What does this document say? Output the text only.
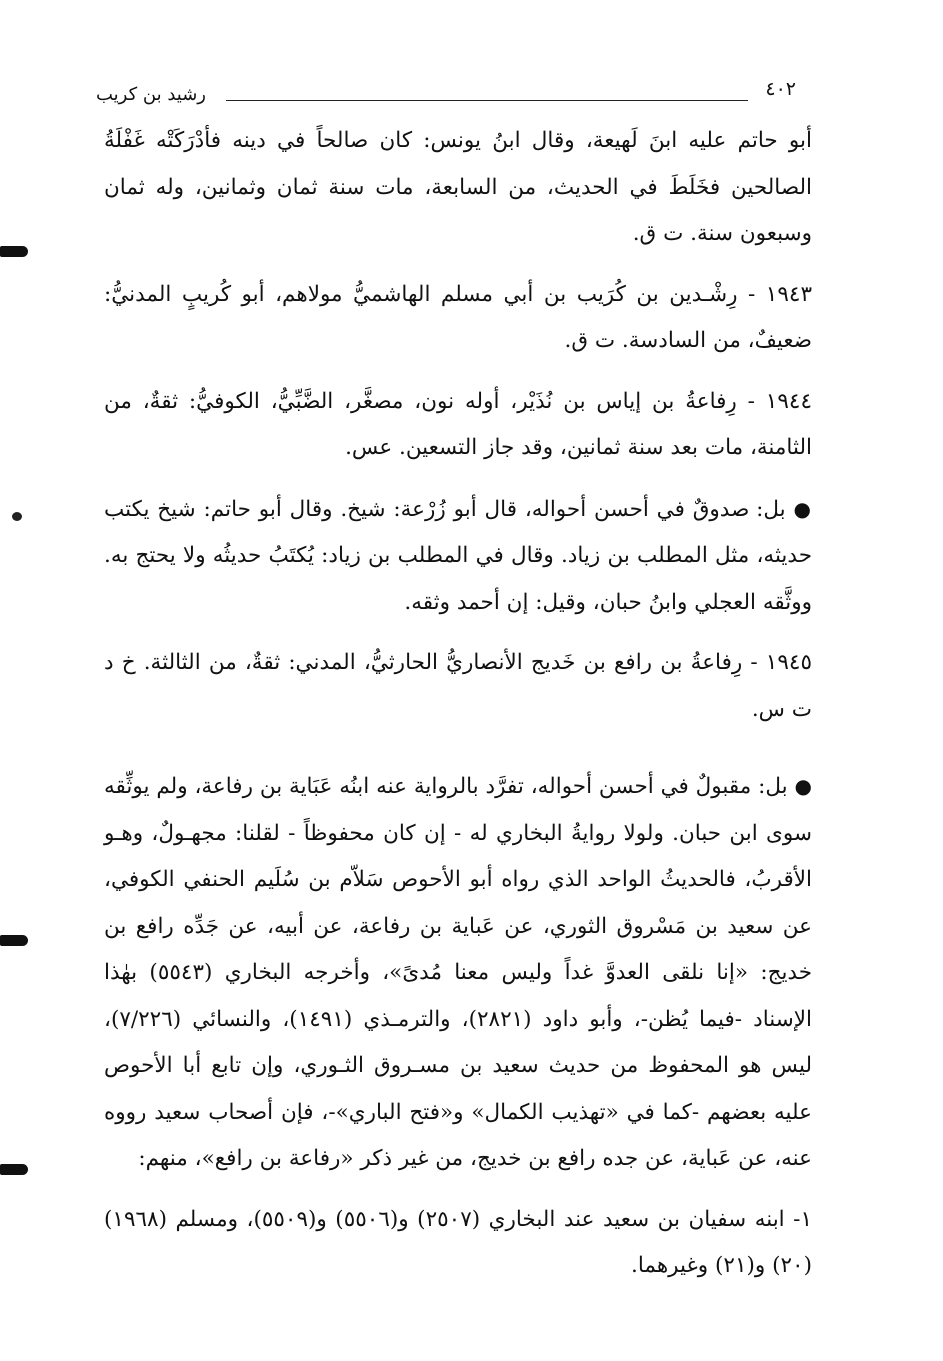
٤٠٢
رشيد بن كريب

أبو حاتم عليه ابنَ لَهيعة، وقال ابنُ يونس: كان صالحاً في دينه فأدْرَكَتْه غَفْلَةُ الصالحين فخَلَطَ في الحديث، من السابعة، مات سنة ثمان وثمانين، وله ثمان وسبعون سنة. ت ق.

١٩٤٣ - رِشْـدين بن كُرَيب بن أبي مسلم الهاشميُّ مولاهم، أبو كُريبٍ المدنيُّ: ضعيفٌ، من السادسة. ت ق.

١٩٤٤ - رِفاعةُ بن إياس بن نُذَيْر، أوله نون، مصغَّر، الضَّبِّيُّ، الكوفيُّ: ثقةٌ، من الثامنة، مات بعد سنة ثمانين، وقد جاز التسعين. عس.

● بل: صدوقٌ في أحسن أحواله، قال أبو زُرْعة: شيخ. وقال أبو حاتم: شيخ يكتب حديثه، مثل المطلب بن زياد. وقال في المطلب بن زياد: يُكتَبُ حديثُه ولا يحتج به. ووثَّقه العجلي وابنُ حبان، وقيل: إن أحمد وثقه.

١٩٤٥ - رِفاعةُ بن رافع بن خَديج الأنصاريُّ الحارثيُّ، المدني: ثقةٌ، من الثالثة. خ د ت س.

● بل: مقبولٌ في أحسن أحواله، تفرَّد بالرواية عنه ابنُه عَبَاية بن رفاعة، ولم يوثِّقه سوى ابن حبان. ولولا روايةُ البخاري له - إن كان محفوظاً - لقلنا: مجهـولٌ، وهـو الأقربُ، فالحديثُ الواحد الذي رواه أبو الأحوص سَلاّم بن سُلَيم الحنفي الكوفي، عن سعيد بن مَسْروق الثوري، عن عَباية بن رفاعة، عن أبيه، عن جَدِّه رافع بن خديج: «إنا نلقى العدوَّ غداً وليس معنا مُدىً»، وأخرجه البخاري (٥٥٤٣) بهٰذا الإسناد -فيما يُظن-، وأبو داود (٢٨٢١)، والترمـذي (١٤٩١)، والنسائي (٧/٢٢٦)، ليس هو المحفوظ من حديث سعيد بن مسـروق الثـوري، وإن تابع أبا الأحوص عليه بعضهم -كما في «تهذيب الكمال» و«فتح الباري»-، فإن أصحاب سعيد رووه عنه، عن عَباية، عن جده رافع بن خديج، من غير ذكر «رفاعة بن رافع»، منهم:

١- ابنه سفيان بن سعيد عند البخاري (٢٥٠٧) و(٥٥٠٦) و(٥٥٠٩)، ومسلم (١٩٦٨) (٢٠) و(٢١) وغيرهما.
